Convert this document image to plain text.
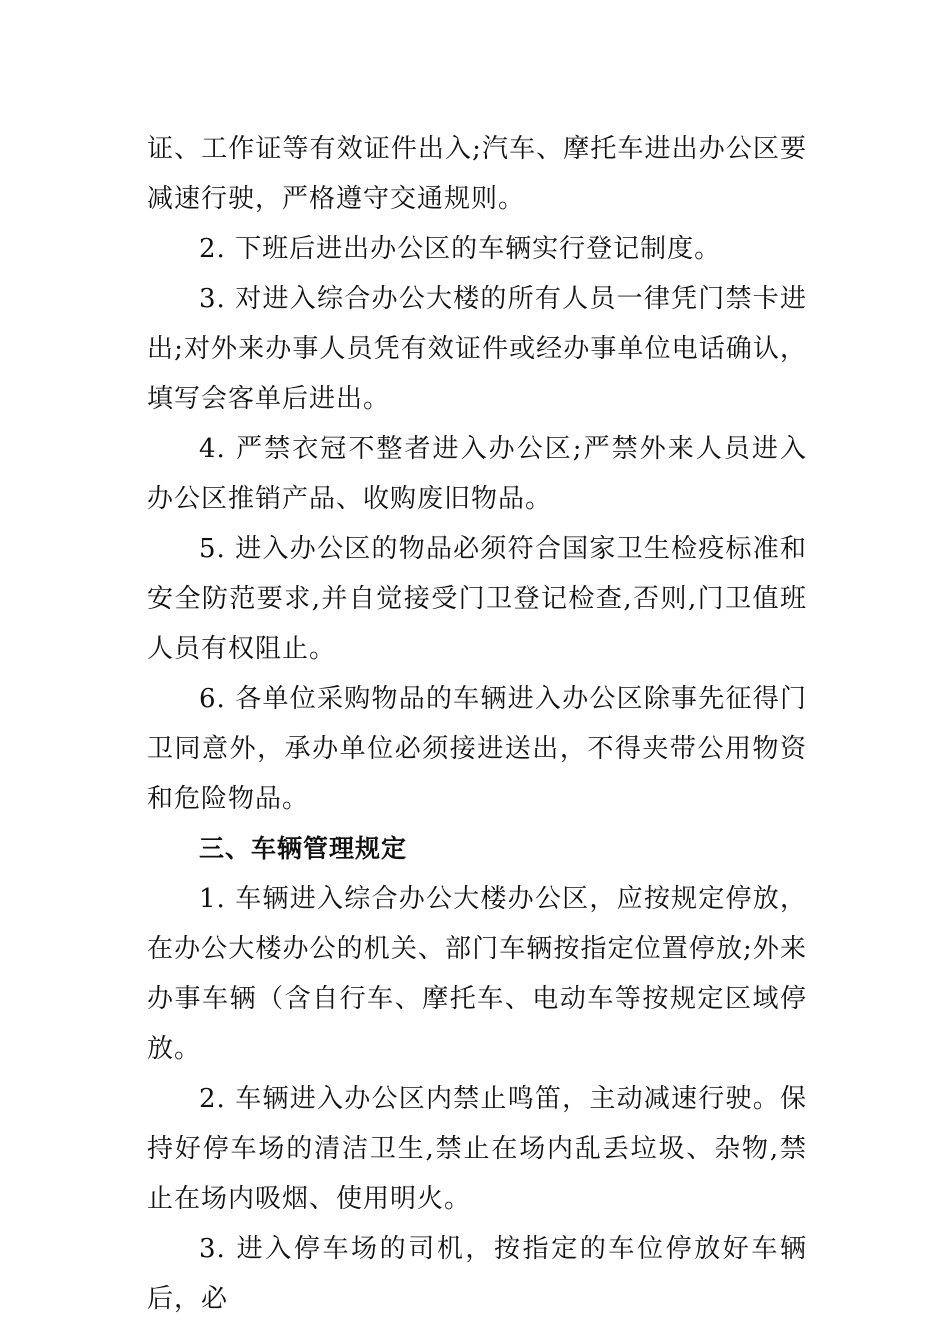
证、工作证等有效证件出入;汽车、摩托车进出办公区要减速行驶，严格遵守交通规则。

2. 下班后进出办公区的车辆实行登记制度。

3. 对进入综合办公大楼的所有人员一律凭门禁卡进出;对外来办事人员凭有效证件或经办事单位电话确认，填写会客单后进出。

4. 严禁衣冠不整者进入办公区;严禁外来人员进入办公区推销产品、收购废旧物品。

5. 进入办公区的物品必须符合国家卫生检疫标准和安全防范要求,并自觉接受门卫登记检查,否则,门卫值班人员有权阻止。

6. 各单位采购物品的车辆进入办公区除事先征得门卫同意外，承办单位必须接进送出，不得夹带公用物资和危险物品。

三、车辆管理规定

1. 车辆进入综合办公大楼办公区，应按规定停放，在办公大楼办公的机关、部门车辆按指定位置停放;外来办事车辆（含自行车、摩托车、电动车等按规定区域停放。

2. 车辆进入办公区内禁止鸣笛，主动减速行驶。保持好停车场的清洁卫生,禁止在场内乱丢垃圾、杂物,禁止在场内吸烟、使用明火。

3. 进入停车场的司机，按指定的车位停放好车辆后，必
